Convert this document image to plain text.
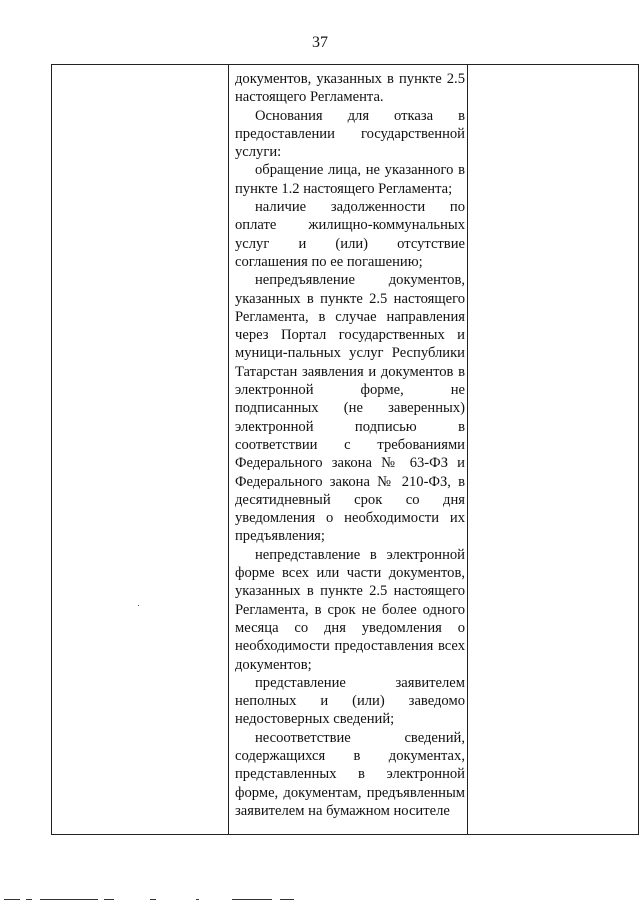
37

документов, указанных в пункте 2.5 настоящего Регламента.

Основания для отказа в предоставлении государственной услуги:

обращение лица, не указанного в пункте 1.2 настоящего Регламента;

наличие задолженности по оплате жилищно-коммунальных услуг и (или) отсутствие соглашения по ее погашению;

непредъявление документов, указанных в пункте 2.5 настоящего Регламента, в случае направления через Портал государственных и муници-пальных услуг Республики Татарстан заявления и документов в электронной форме, не подписанных (не заверенных) электронной подписью в соответствии с требованиями Федерального закона № 63-ФЗ и Федерального закона № 210-ФЗ, в десятидневный срок со дня уведомления о необходимости их предъявления;

непредставление в электронной форме всех или части документов, указанных в пункте 2.5 настоящего Регламента, в срок не более одного месяца со дня уведомления о необходимости предоставления всех документов;

представление заявителем неполных и (или) заведомо недостоверных сведений;

несоответствие сведений, содержащихся в документах, представленных в электронной форме, документам, предъявленным заявителем на бумажном носителе
